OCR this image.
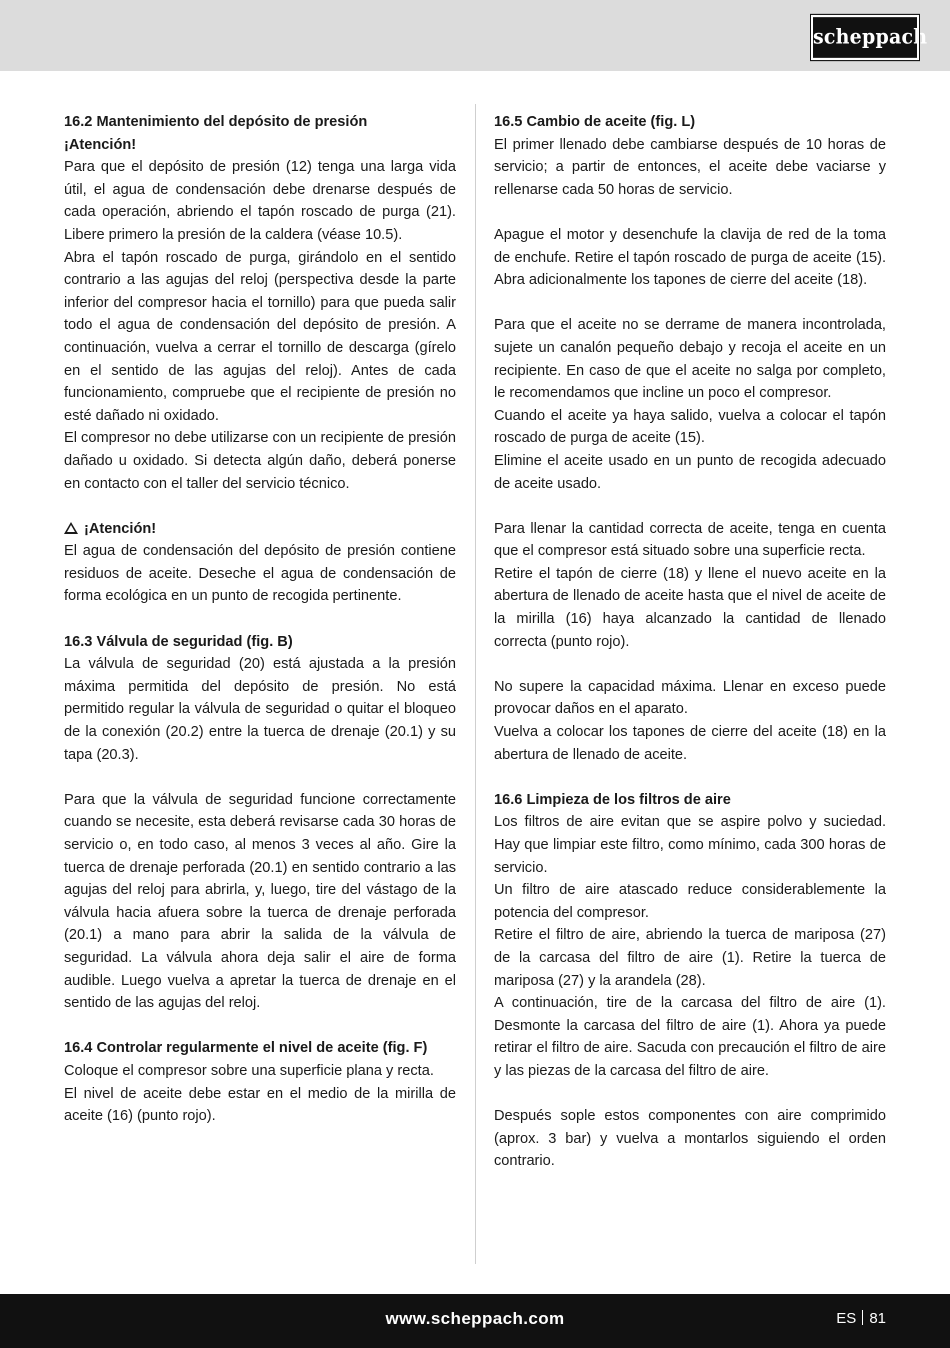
scheppach
16.2 Mantenimiento del depósito de presión
¡Atención!

Para que el depósito de presión (12) tenga una larga vida útil, el agua de condensación debe drenarse después de cada operación, abriendo el tapón roscado de purga (21). Libere primero la presión de la caldera (véase 10.5).

Abra el tapón roscado de purga, girándolo en el sentido contrario a las agujas del reloj (perspectiva desde la parte inferior del compresor hacia el tornillo) para que pueda salir todo el agua de condensación del depósito de presión. A continuación, vuelva a cerrar el tornillo de descarga (gírelo en el sentido de las agujas del reloj). Antes de cada funcionamiento, compruebe que el recipiente de presión no esté dañado ni oxidado.

El compresor no debe utilizarse con un recipiente de presión dañado u oxidado. Si detecta algún daño, deberá ponerse en contacto con el taller del servicio técnico.

¡Atención!

El agua de condensación del depósito de presión contiene residuos de aceite. Deseche el agua de condensación de forma ecológica en un punto de recogida pertinente.

16.3 Válvula de seguridad (fig. B)

La válvula de seguridad (20) está ajustada a la presión máxima permitida del depósito de presión. No está permitido regular la válvula de seguridad o quitar el bloqueo de la conexión (20.2) entre la tuerca de drenaje (20.1) y su tapa (20.3).

Para que la válvula de seguridad funcione correctamente cuando se necesite, esta deberá revisarse cada 30 horas de servicio o, en todo caso, al menos 3 veces al año. Gire la tuerca de drenaje perforada (20.1) en sentido contrario a las agujas del reloj para abrirla, y, luego, tire del vástago de la válvula hacia afuera sobre la tuerca de drenaje perforada (20.1) a mano para abrir la salida de la válvula de seguridad. La válvula ahora deja salir el aire de forma audible. Luego vuelva a apretar la tuerca de drenaje en el sentido de las agujas del reloj.

16.4 Controlar regularmente el nivel de aceite (fig. F)

Coloque el compresor sobre una superficie plana y recta.

El nivel de aceite debe estar en el medio de la mirilla de aceite (16) (punto rojo).

16.5 Cambio de aceite (fig. L)

El primer llenado debe cambiarse después de 10 horas de servicio; a partir de entonces, el aceite debe vaciarse y rellenarse cada 50 horas de servicio.

Apague el motor y desenchufe la clavija de red de la toma de enchufe. Retire el tapón roscado de purga de aceite (15). Abra adicionalmente los tapones de cierre del aceite (18).

Para que el aceite no se derrame de manera incontrolada, sujete un canalón pequeño debajo y recoja el aceite en un recipiente. En caso de que el aceite no salga por completo, le recomendamos que incline un poco el compresor.

Cuando el aceite ya haya salido, vuelva a colocar el tapón roscado de purga de aceite (15).

Elimine el aceite usado en un punto de recogida adecuado de aceite usado.

Para llenar la cantidad correcta de aceite, tenga en cuenta que el compresor está situado sobre una superficie recta.

Retire el tapón de cierre (18) y llene el nuevo aceite en la abertura de llenado de aceite hasta que el nivel de aceite de la mirilla (16) haya alcanzado la cantidad de llenado correcta (punto rojo).

No supere la capacidad máxima. Llenar en exceso puede provocar daños en el aparato.

Vuelva a colocar los tapones de cierre del aceite (18) en la abertura de llenado de aceite.

16.6 Limpieza de los filtros de aire

Los filtros de aire evitan que se aspire polvo y suciedad. Hay que limpiar este filtro, como mínimo, cada 300 horas de servicio.

Un filtro de aire atascado reduce considerablemente la potencia del compresor.

Retire el filtro de aire, abriendo la tuerca de mariposa (27) de la carcasa del filtro de aire (1). Retire la tuerca de mariposa (27) y la arandela (28).

A continuación, tire de la carcasa del filtro de aire (1). Desmonte la carcasa del filtro de aire (1). Ahora ya puede retirar el filtro de aire. Sacuda con precaución el filtro de aire y las piezas de la carcasa del filtro de aire.

Después sople estos componentes con aire comprimido (aprox. 3 bar) y vuelva a montarlos siguiendo el orden contrario.

www.scheppach.com	ES 81
